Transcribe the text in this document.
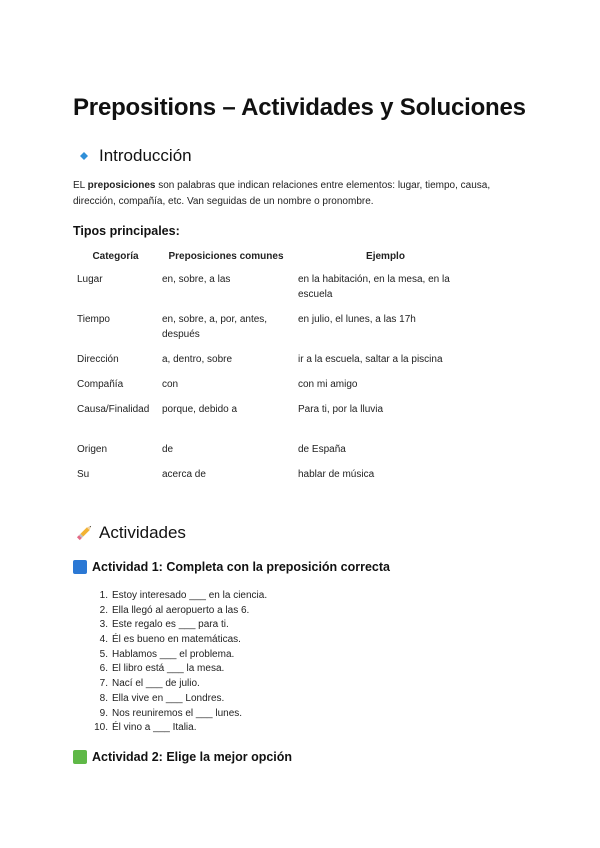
Prepositions – Actividades y Soluciones
Introducción

EL preposiciones son palabras que indican relaciones entre elementos: lugar, tiempo, causa, dirección, compañía, etc. Van seguidas de un nombre o pronombre.

Tipos principales:
Categoría	Preposiciones comunes	Ejemplo
Lugar	en, sobre, a las	en la habitación, en la mesa, en la escuela
Tiempo	en, sobre, a, por, antes, después	en julio, el lunes, a las 17h
Dirección	a, dentro, sobre	ir a la escuela, saltar a la piscina
Compañía	con	con mi amigo
Causa/Finalidad	porque, debido a	Para ti, por la lluvia
Origen	de	de España
Su	acerca de	hablar de música
Actividades
Actividad 1: Completa con la preposición correcta
1. Estoy interesado ___ en la ciencia.
2. Ella llegó al aeropuerto a las 6.
3. Este regalo es ___ para ti.
4. Él es bueno en matemáticas.
5. Hablamos ___ el problema.
6. El libro está ___ la mesa.
7. Nací el ___ de julio.
8. Ella vive en ___ Londres.
9. Nos reuniremos el ___ lunes.
10. Él vino a ___ Italia.
Actividad 2: Elige la mejor opción
